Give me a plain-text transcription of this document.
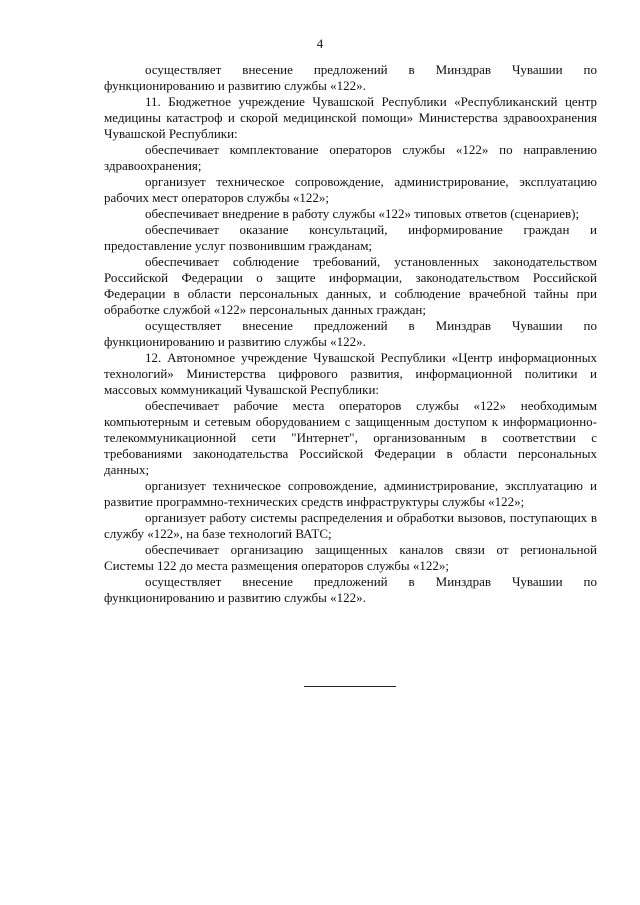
4

осуществляет внесение предложений в Минздрав Чувашии по функционированию и развитию службы «122».

11. Бюджетное учреждение Чувашской Республики «Республиканский центр медицины катастроф и скорой медицинской помощи» Министерства здравоохранения Чувашской Республики:

обеспечивает комплектование операторов службы «122» по направлению здравоохранения;

организует техническое сопровождение, администрирование, эксплуатацию рабочих мест операторов службы «122»;

обеспечивает внедрение в работу службы «122» типовых ответов (сценариев);

обеспечивает оказание консультаций, информирование граждан и предоставление услуг позвонившим гражданам;

обеспечивает соблюдение требований, установленных законодательством Российской Федерации о защите информации, законодательством Российской Федерации в области персональных данных, и соблюдение врачебной тайны при обработке службой «122» персональных данных граждан;

осуществляет внесение предложений в Минздрав Чувашии по функционированию и развитию службы «122».

12. Автономное учреждение Чувашской Республики «Центр информационных технологий» Министерства цифрового развития, информационной политики и массовых коммуникаций Чувашской Республики:

обеспечивает рабочие места операторов службы «122» необходимым компьютерным и сетевым оборудованием с защищенным доступом к информационно-телекоммуникационной сети "Интернет", организованным в соответствии с требованиями законодательства Российской Федерации в области персональных данных;

организует техническое сопровождение, администрирование, эксплуатацию и развитие программно-технических средств инфраструктуры службы «122»;

организует работу системы распределения и обработки вызовов, поступающих в службу «122», на базе технологий ВАТС;

обеспечивает организацию защищенных каналов связи от региональной Системы 122 до места размещения операторов службы «122»;

осуществляет внесение предложений в Минздрав Чувашии по функционированию и развитию службы «122».
